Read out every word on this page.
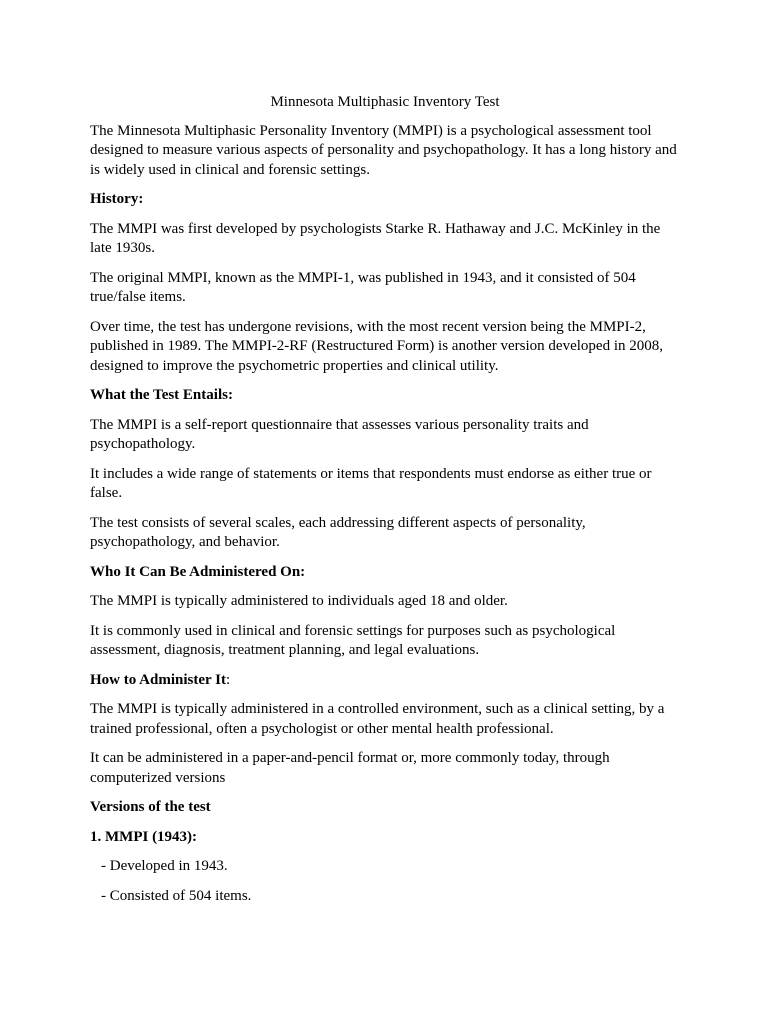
Minnesota Multiphasic Inventory Test

The Minnesota Multiphasic Personality Inventory (MMPI) is a psychological assessment tool designed to measure various aspects of personality and psychopathology. It has a long history and is widely used in clinical and forensic settings.

History:

The MMPI was first developed by psychologists Starke R. Hathaway and J.C. McKinley in the late 1930s.

The original MMPI, known as the MMPI-1, was published in 1943, and it consisted of 504 true/false items.

Over time, the test has undergone revisions, with the most recent version being the MMPI-2, published in 1989. The MMPI-2-RF (Restructured Form) is another version developed in 2008, designed to improve the psychometric properties and clinical utility.

What the Test Entails:

The MMPI is a self-report questionnaire that assesses various personality traits and psychopathology.

It includes a wide range of statements or items that respondents must endorse as either true or false.

The test consists of several scales, each addressing different aspects of personality, psychopathology, and behavior.

Who It Can Be Administered On:

The MMPI is typically administered to individuals aged 18 and older.

It is commonly used in clinical and forensic settings for purposes such as psychological assessment, diagnosis, treatment planning, and legal evaluations.

How to Administer It:

The MMPI is typically administered in a controlled environment, such as a clinical setting, by a trained professional, often a psychologist or other mental health professional.

It can be administered in a paper-and-pencil format or, more commonly today, through computerized versions

Versions of the test

1. MMPI (1943):

- Developed in 1943.

- Consisted of 504 items.
